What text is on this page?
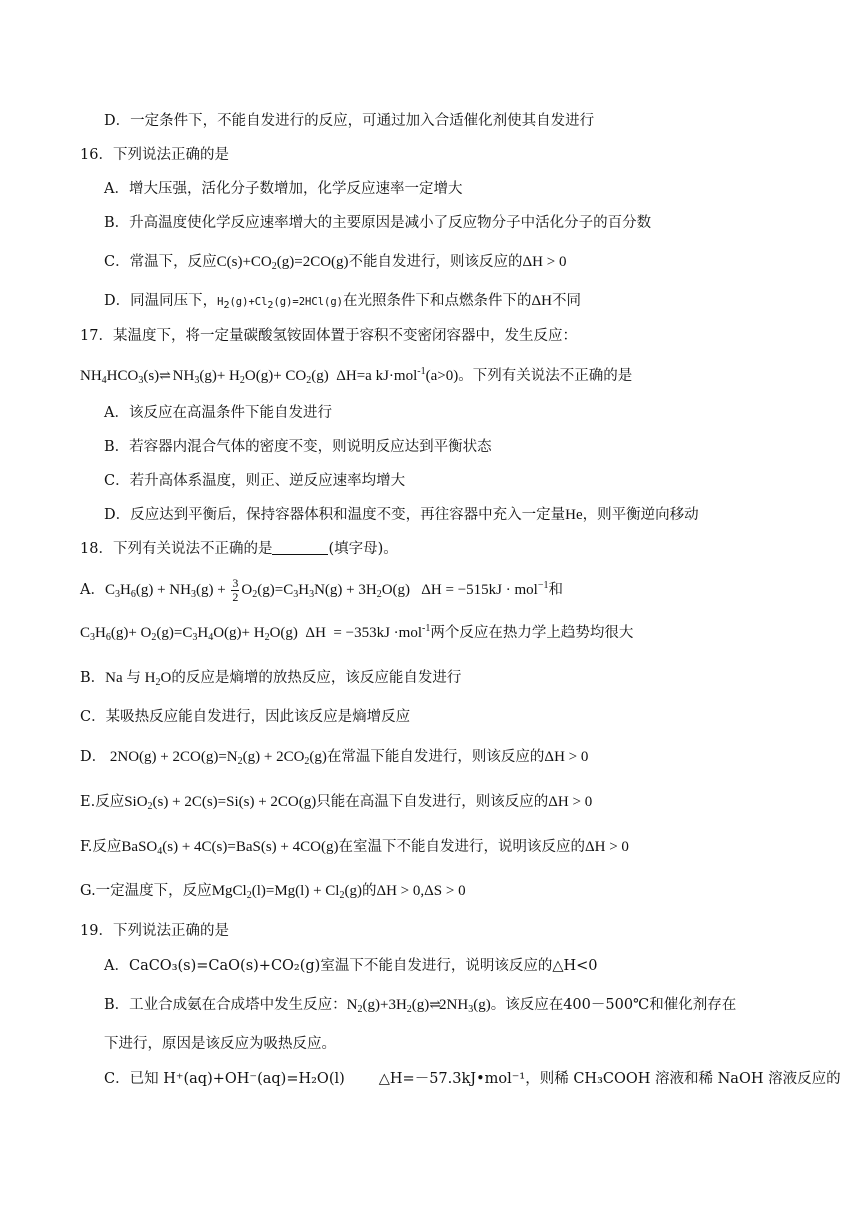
D．一定条件下，不能自发进行的反应，可通过加入合适催化剂使其自发进行
16．下列说法正确的是
A．增大压强，活化分子数增加，化学反应速率一定增大
B．升高温度使化学反应速率增大的主要原因是减小了反应物分子中活化分子的百分数
C．常温下，反应$C(s)+CO_2(g)=2CO(g)$不能自发进行，则该反应的ΔH > 0
D．同温同压下，$H_2(g)+Cl_2(g)=2HCl(g)$在光照条件下和点燃条件下的ΔH不同
17．某温度下，将一定量碳酸氢铵固体置于容积不变密闭容器中，发生反应：
$NH_4HCO_3(s)\rightleftharpoons$ $NH_3(g)+ H_2O(g)+ CO_2(g)$  ΔH=a kJ·mol$^{-1}$(a>0)。下列有关说法不正确的是
A．该反应在高温条件下能自发进行
B．若容器内混合气体的密度不变，则说明反应达到平衡状态
C．若升高体系温度，则正、逆反应速率均增大
D．反应达到平衡后，保持容器体积和温度不变，再往容器中充入一定量He，则平衡逆向移动
18．下列有关说法不正确的是	(填字母)。
A．$C_3H_6(g) + NH_3(g) + \frac{3}{2} O_2(g)=C_3H_3N(g) + 3H_2O(g) \Delta H = -515kJ \cdot mol^{-1}$和
$C_3H_6(g)+ O_2(g)=C_3H_4O(g)+ H_2O(g) \Delta H = -353kJ \cdot mol^{-1}$两个反应在热力学上趋势均很大
B．Na 与 $H_2O$的反应是熵增的放热反应，该反应能自发进行
C．某吸热反应能自发进行，因此该反应是熵增反应
D． $2NO(g) + 2CO(g)=N_2(g) + 2CO_2(g)$在常温下能自发进行，则该反应的ΔH > 0
E.反应SiO$_2$(s) + 2C(s)=Si(s) + 2CO(g)只能在高温下自发进行，则该反应的ΔH > 0
F.反应BaSO$_4$(s) + 4C(s)=BaS(s) + 4CO(g)在室温下不能自发进行，说明该反应的ΔH > 0
G.一定温度下，反应MgCl$_2$(l)=Mg(l) + $Cl_2(g)$的ΔH > 0,ΔS > 0
19．下列说法正确的是
A．CaCO₃(s)=CaO(s)+CO₂(g)室温下不能自发进行，说明该反应的△H<0
B．工业合成氨在合成塔中发生反应：$N_2(g)+3H_2(g)\rightleftharpoons 2NH_3(g)$。该反应在400－500℃和催化剂存在
下进行，原因是该反应为吸热反应。
C．已知 H⁺(aq)+OH⁻(aq)=H₂O(l) △H=－57.3kJ•mol⁻¹，则稀 CH₃COOH 溶液和稀 NaOH 溶液反应的
